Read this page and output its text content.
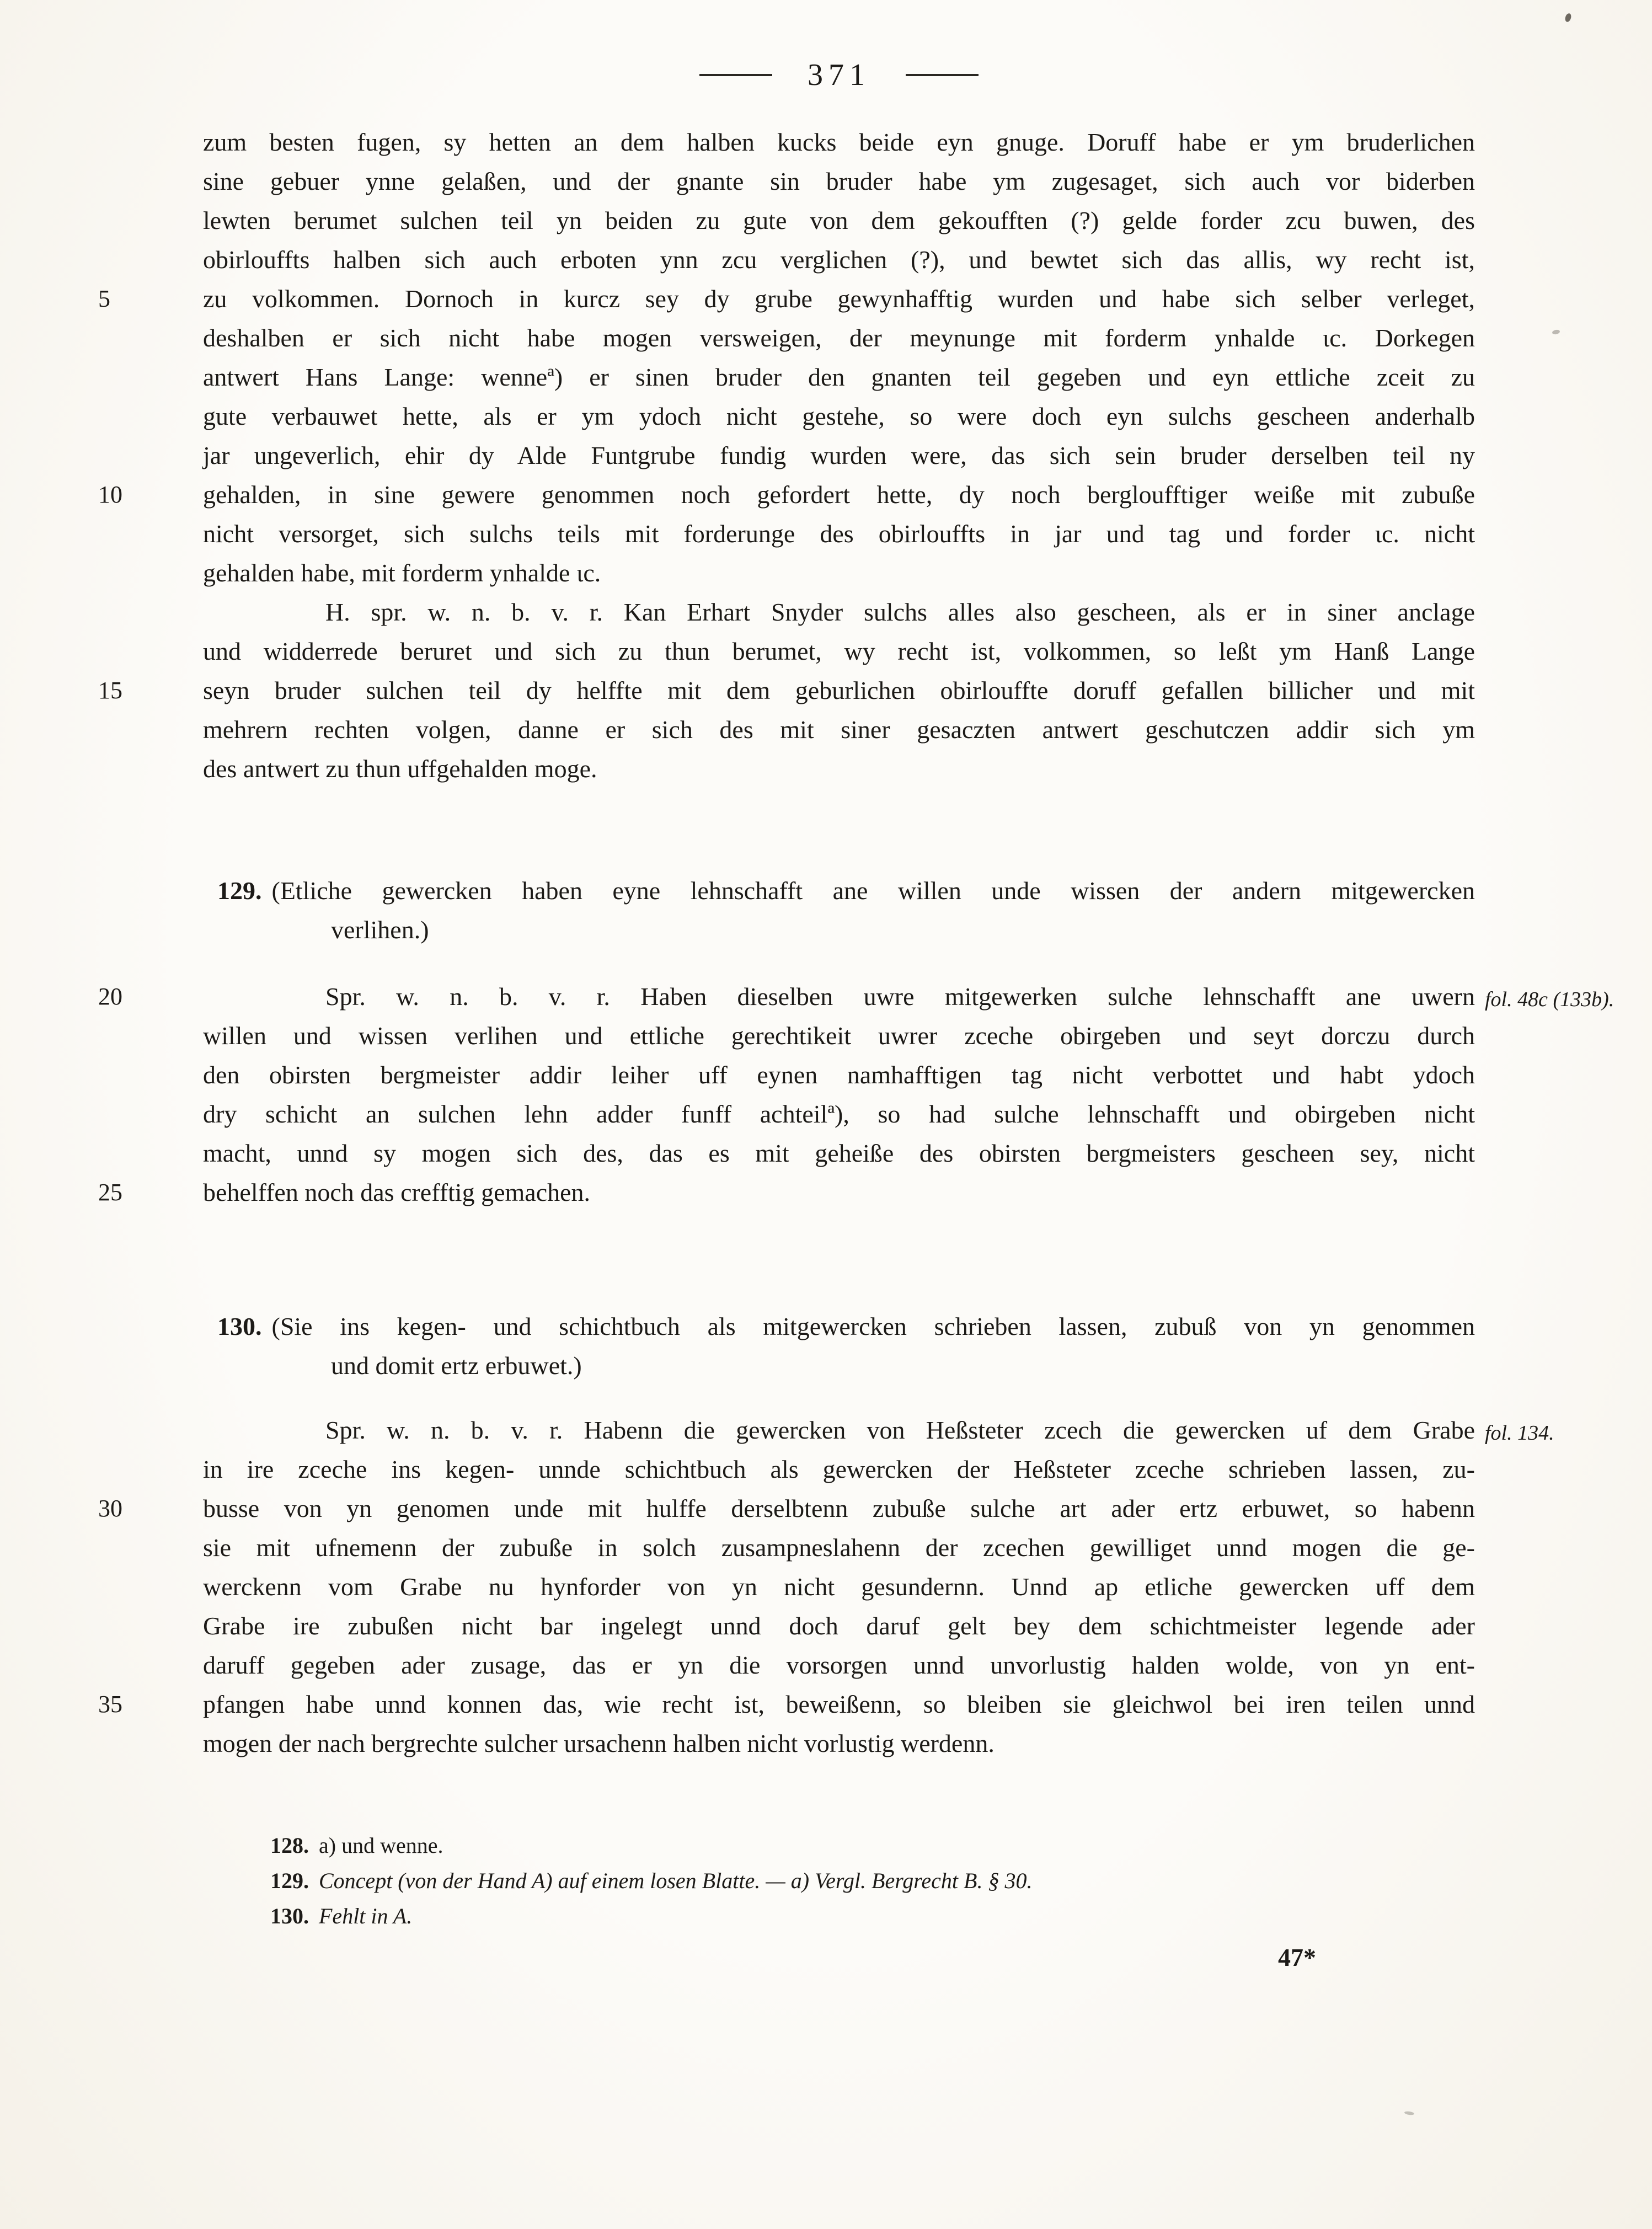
371
zum besten fugen, sy hetten an dem halben kucks beide eyn gnuge. Doruff habe er ym bruderlichen
sine gebuer ynne gelaßen, und der gnante sin bruder habe ym zugesaget, sich auch vor biderben
lewten berumet sulchen teil yn beiden zu gute von dem gekoufften (?) gelde forder zcu buwen, des
obirlouffts halben sich auch erboten ynn zcu verglichen (?), und bewtet sich das allis, wy recht ist,
5	zu volkommen. Dornoch in kurcz sey dy grube gewynhafftig wurden und habe sich selber verleget,
deshalben er sich nicht habe mogen versweigen, der meynunge mit forderm ynhalde ɩc. Dorkegen
antwert Hans Lange: wenneª) er sinen bruder den gnanten teil gegeben und eyn ettliche zceit zu
gute verbauwet hette, als er ym ydoch nicht gestehe, so were doch eyn sulchs gescheen anderhalb
jar ungeverlich, ehir dy Alde Funtgrube fundig wurden were, das sich sein bruder derselben teil ny
10	gehalden, in sine gewere genommen noch gefordert hette, dy noch bergloufftiger weiße mit zubuße
nicht versorget, sich sulchs teils mit forderunge des obirlouffts in jar und tag und forder ɩc. nicht
gehalden habe, mit forderm ynhalde ɩc.
H. spr. w. n. b. v. r. Kan Erhart Snyder sulchs alles also gescheen, als er in siner anclage
und widderrede beruret und sich zu thun berumet, wy recht ist, volkommen, so leßt ym Hanß Lange
15	seyn bruder sulchen teil dy helffte mit dem geburlichen obirlouffte doruff gefallen billicher und mit
mehrern rechten volgen, danne er sich des mit siner gesaczten antwert geschutczen addir sich ym
des antwert zu thun uffgehalden moge.
129. (Etliche gewercken haben eyne lehnschafft ane willen unde wissen der andern mitgewercken
verlihen.)
20	Spr. w. n. b. v. r. Haben dieselben uwre mitgewerken sulche lehnschafft ane uwern fol. 48c (133b).
willen und wissen verlihen und ettliche gerechtikeit uwrer zceche obirgeben und seyt dorczu durch
den obirsten bergmeister addir leiher uff eynen namhafftigen tag nicht verbottet und habt ydoch
dry schicht an sulchen lehn adder funff achteilª), so had sulche lehnschafft und obirgeben nicht
macht, unnd sy mogen sich des, das es mit geheiße des obirsten bergmeisters gescheen sey, nicht
25	behelffen noch das crefftig gemachen.
130. (Sie ins kegen- und schichtbuch als mitgewercken schrieben lassen, zubuß von yn genommen
und domit ertz erbuwet.)
Spr. w. n. b. v. r. Habenn die gewercken von Heßsteter zcech die gewercken uf dem Grabe fol. 134.
in ire zceche ins kegen- unnde schichtbuch als gewercken der Heßsteter zceche schrieben lassen, zu-
30	busse von yn genomen unde mit hulffe derselbtenn zubuße sulche art ader ertz erbuwet, so habenn
sie mit ufnemenn der zubuße in solch zusampneslahenn der zcechen gewilliget unnd mogen die ge-
werckenn vom Grabe nu hynforder von yn nicht gesundernn. Unnd ap etliche gewercken uff dem
Grabe ire zubußen nicht bar ingelegt unnd doch daruf gelt bey dem schichtmeister legende ader
daruff gegeben ader zusage, das er yn die vorsorgen unnd unvorlustig halden wolde, von yn ent-
35	pfangen habe unnd konnen das, wie recht ist, beweißenn, so bleiben sie gleichwol bei iren teilen unnd
mogen der nach bergrechte sulcher ursachenn halben nicht vorlustig werdenn.
128. a) und wenne.
129. Concept (von der Hand A) auf einem losen Blatte. — a) Vergl. Bergrecht B. § 30.
130. Fehlt in A.
47*
